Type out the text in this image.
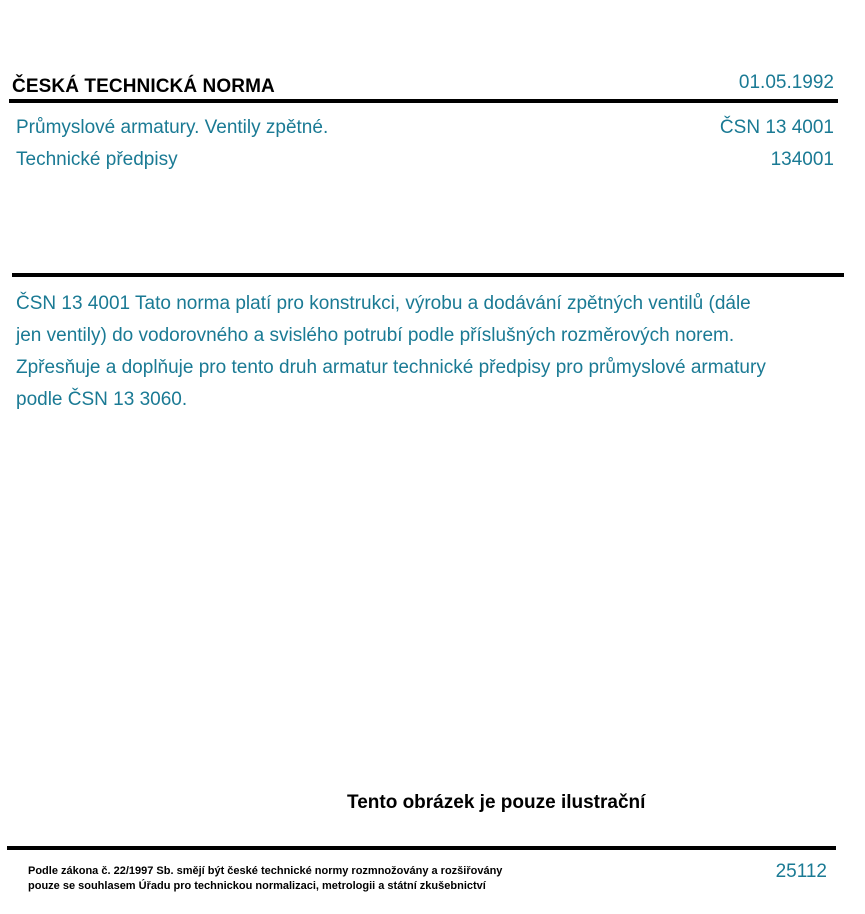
ČESKÁ TECHNICKÁ NORMA	01.05.1992
Průmyslové armatury. Ventily zpětné.
Technické předpisy
ČSN 13 4001
134001
ČSN 13 4001 Tato norma platí pro konstrukci, výrobu a dodávání zpětných ventilů (dále jen ventily) do vodorovného a svislého potrubí podle příslušných rozměrových norem. Zpřesňuje a doplňuje pro tento druh armatur technické předpisy pro průmyslové armatury podle ČSN 13 3060.
Tento obrázek je pouze ilustrační
Podle zákona č. 22/1997 Sb. smějí být české technické normy rozmnožovány a rozšiřovány
pouze se souhlasem Úřadu pro technickou normalizaci, metrologii a státní zkušebnictví
25112
